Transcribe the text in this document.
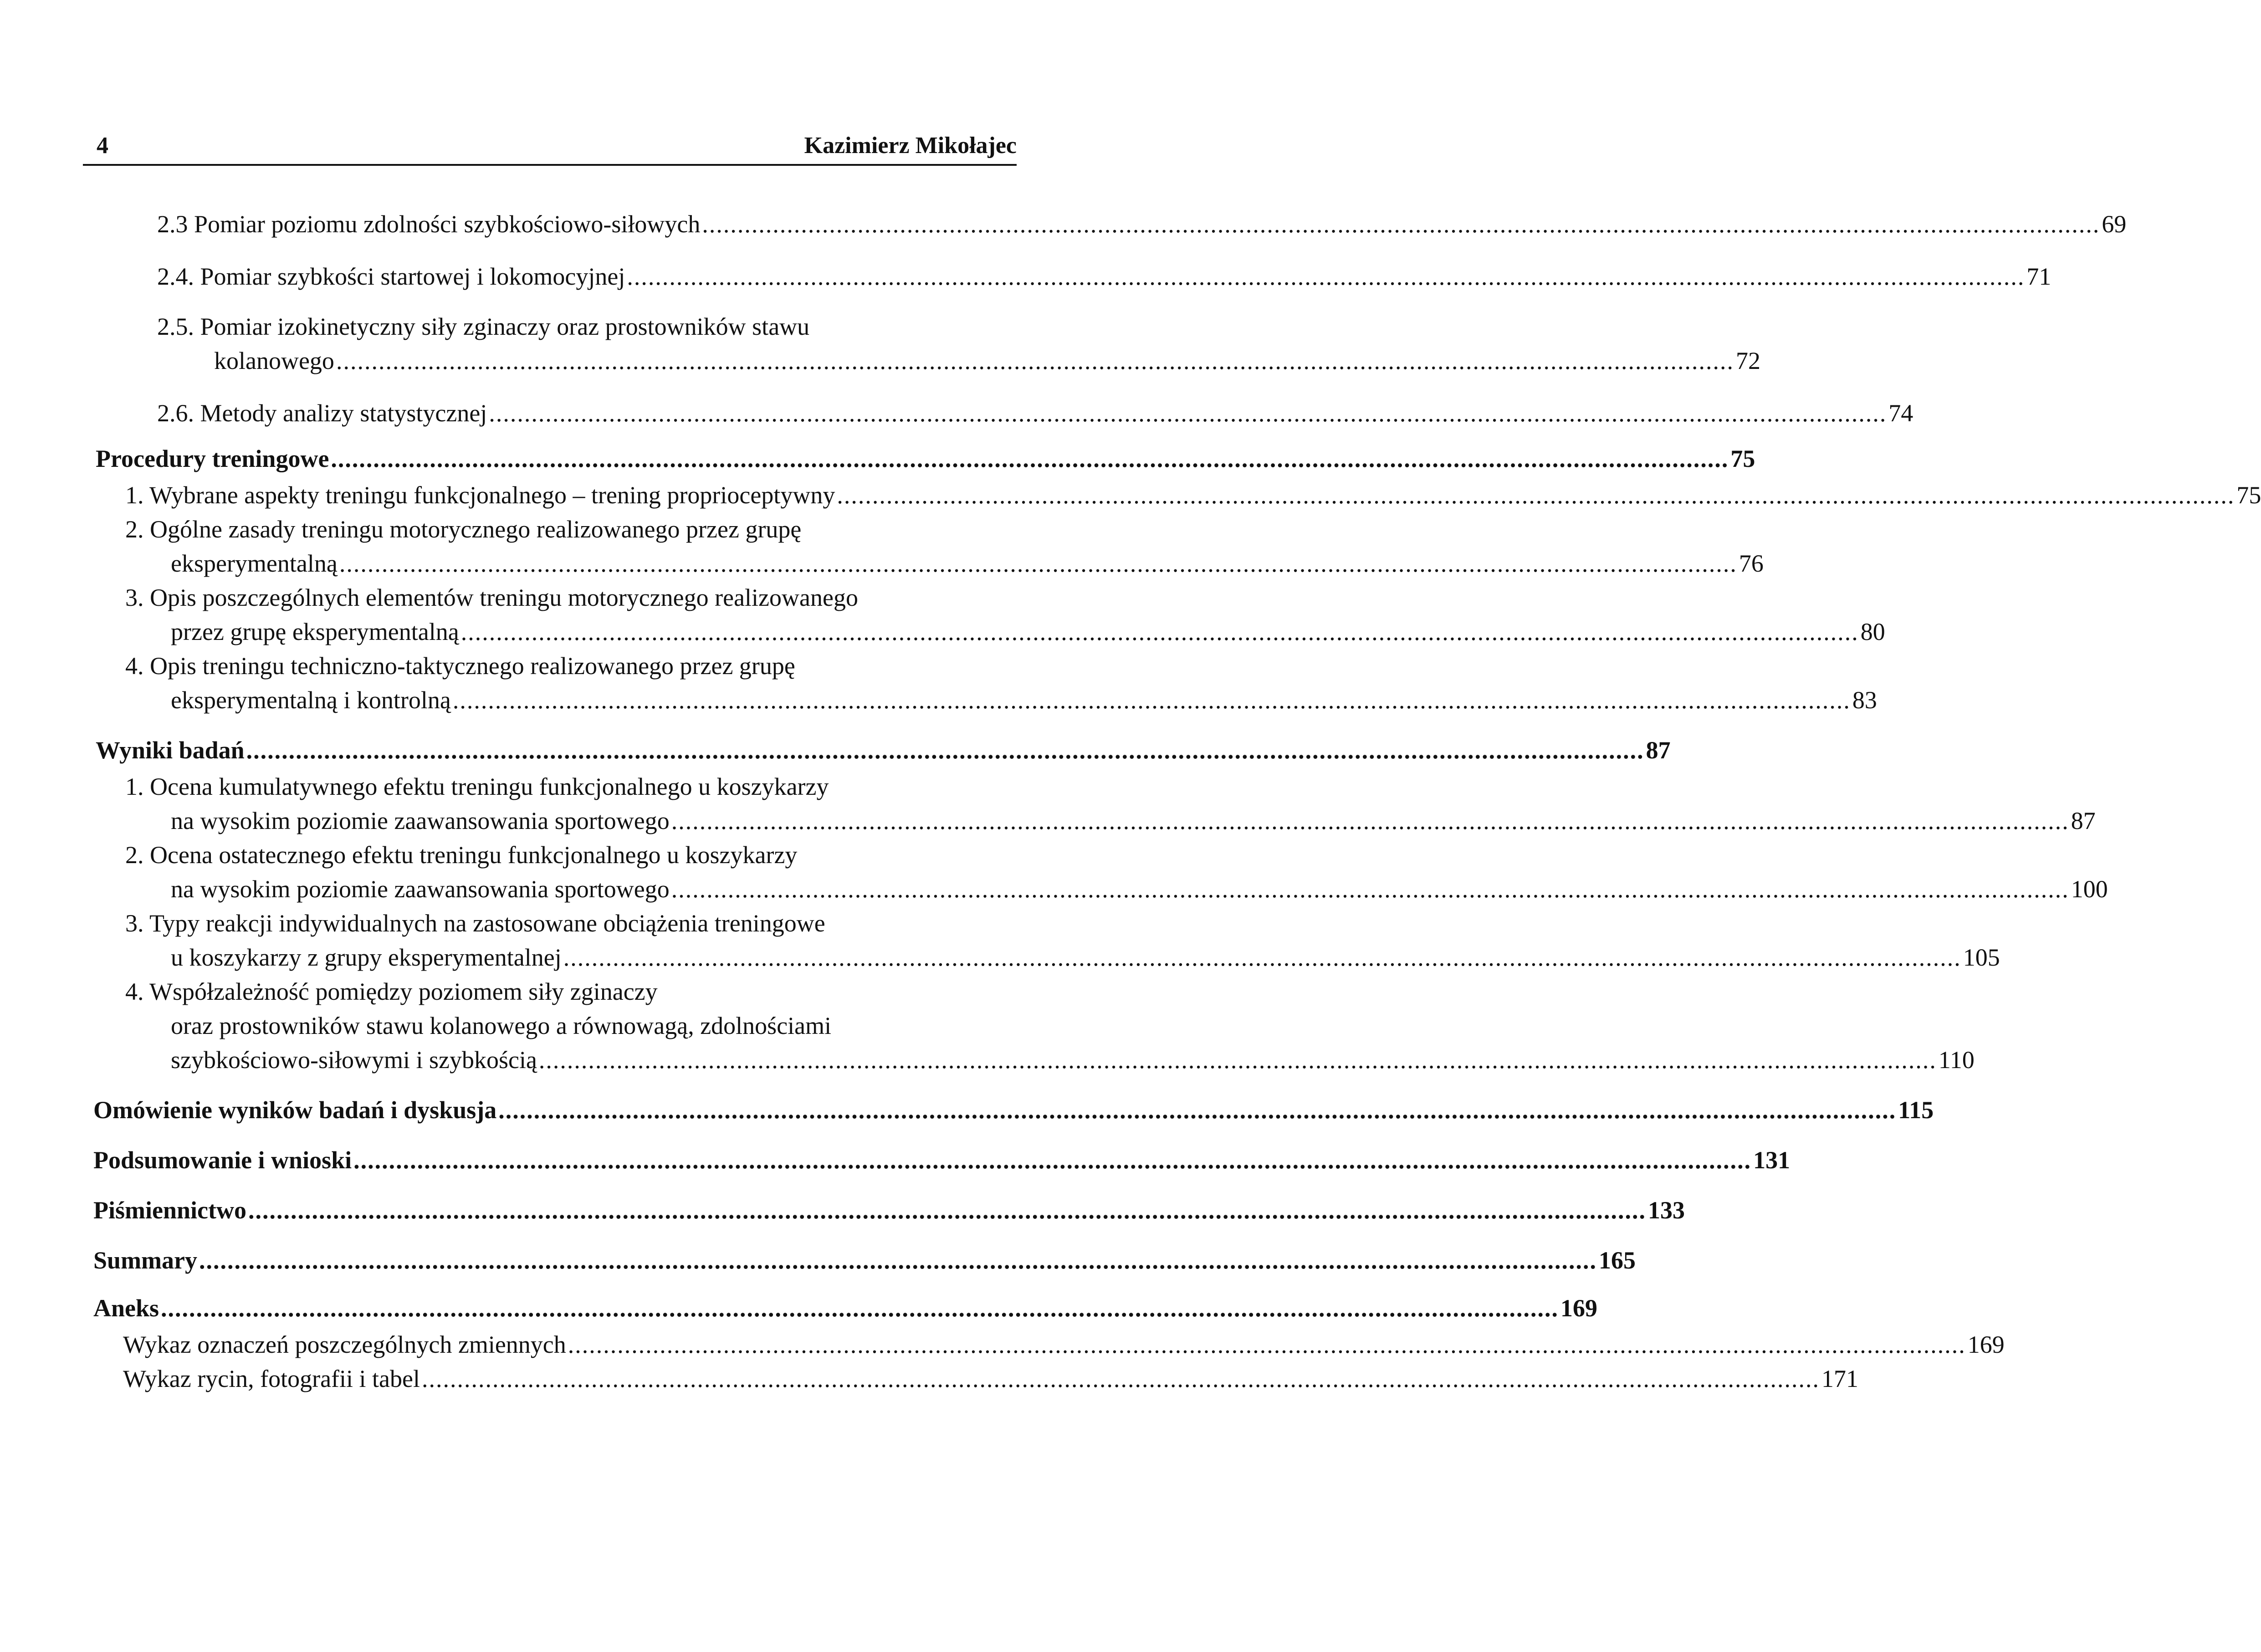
4	Kazimierz Mikołajec
2.3 Pomiar poziomu zdolności szybkościowo-siłowych ...................................................................................................................................................................................................... 69
2.4. Pomiar szybkości startowej i lokomocyjnej ...................................................................................................................................................................................................... 71
2.5. Pomiar izokinetyczny siły zginaczy oraz prostowników stawu
kolanowego ...................................................................................................................................................................................................... 72
2.6. Metody analizy statystycznej ...................................................................................................................................................................................................... 74
Procedury treningowe ...................................................................................................................................................................................................... 75
1. Wybrane aspekty treningu funkcjonalnego – trening proprioceptywny ...................................................................................................................................................................................................... 75
2. Ogólne zasady treningu motorycznego realizowanego przez grupę
eksperymentalną ...................................................................................................................................................................................................... 76
3. Opis poszczególnych elementów treningu motorycznego realizowanego
przez grupę eksperymentalną ...................................................................................................................................................................................................... 80
4. Opis treningu techniczno-taktycznego realizowanego przez grupę
eksperymentalną i kontrolną ...................................................................................................................................................................................................... 83
Wyniki badań ...................................................................................................................................................................................................... 87
1. Ocena kumulatywnego efektu treningu funkcjonalnego u koszykarzy
na wysokim poziomie zaawansowania sportowego ...................................................................................................................................................................................................... 87
2. Ocena ostatecznego efektu treningu funkcjonalnego u koszykarzy
na wysokim poziomie zaawansowania sportowego ...................................................................................................................................................................................................... 100
3. Typy reakcji indywidualnych na zastosowane obciążenia treningowe
u koszykarzy z grupy eksperymentalnej ...................................................................................................................................................................................................... 105
4. Współzależność pomiędzy poziomem siły zginaczy
oraz prostowników stawu kolanowego a równowagą, zdolnościami
szybkościowo-siłowymi i szybkością ...................................................................................................................................................................................................... 110
Omówienie wyników badań i dyskusja ...................................................................................................................................................................................................... 115
Podsumowanie i wnioski ...................................................................................................................................................................................................... 131
Piśmiennictwo ...................................................................................................................................................................................................... 133
Summary ...................................................................................................................................................................................................... 165
Aneks ...................................................................................................................................................................................................... 169
Wykaz oznaczeń poszczególnych zmiennych ...................................................................................................................................................................................................... 169
Wykaz rycin, fotografii i tabel ...................................................................................................................................................................................................... 171
